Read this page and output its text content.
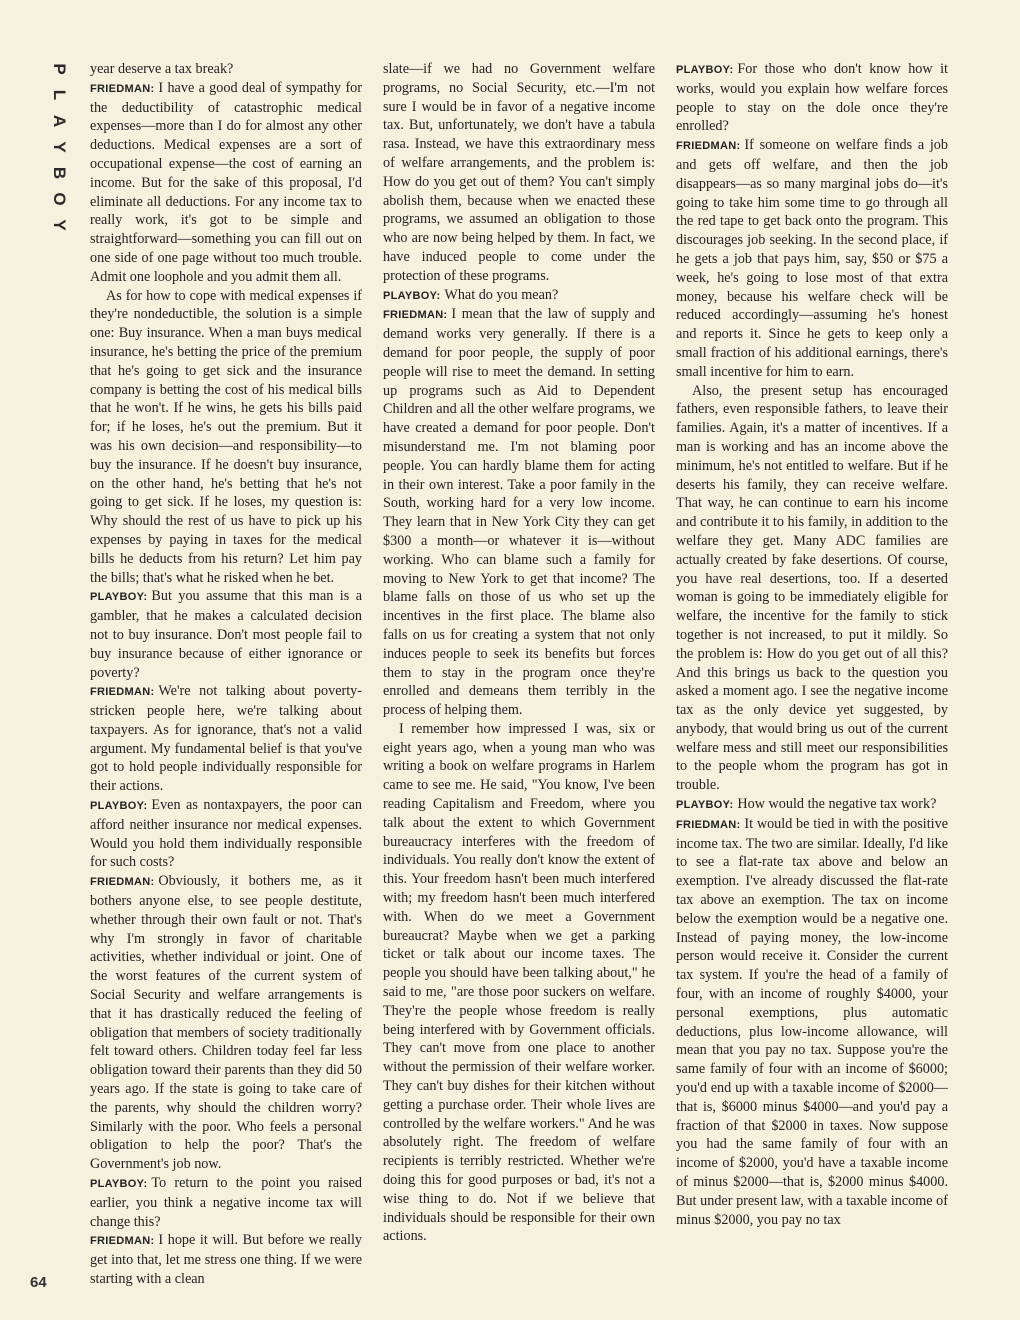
P
L
A
Y
B
O
Y

year deserve a tax break?

FRIEDMAN: I have a good deal of sympathy for the deductibility of catastrophic medical expenses—more than I do for almost any other deductions. Medical expenses are a sort of occupational expense—the cost of earning an income. But for the sake of this proposal, I'd eliminate all deductions. For any income tax to really work, it's got to be simple and straightforward—something you can fill out on one side of one page without too much trouble. Admit one loophole and you admit them all.

As for how to cope with medical expenses if they're nondeductible, the solution is a simple one: Buy insurance. When a man buys medical insurance, he's betting the price of the premium that he's going to get sick and the insurance company is betting the cost of his medical bills that he won't. If he wins, he gets his bills paid for; if he loses, he's out the premium. But it was his own decision—and responsibility—to buy the insurance. If he doesn't buy insurance, on the other hand, he's betting that he's not going to get sick. If he loses, my question is: Why should the rest of us have to pick up his expenses by paying in taxes for the medical bills he deducts from his return? Let him pay the bills; that's what he risked when he bet.

PLAYBOY: But you assume that this man is a gambler, that he makes a calculated decision not to buy insurance. Don't most people fail to buy insurance because of either ignorance or poverty?

FRIEDMAN: We're not talking about poverty-stricken people here, we're talking about taxpayers. As for ignorance, that's not a valid argument. My fundamental belief is that you've got to hold people individually responsible for their actions.

PLAYBOY: Even as nontaxpayers, the poor can afford neither insurance nor medical expenses. Would you hold them individually responsible for such costs?

FRIEDMAN: Obviously, it bothers me, as it bothers anyone else, to see people destitute, whether through their own fault or not. That's why I'm strongly in favor of charitable activities, whether individual or joint. One of the worst features of the current system of Social Security and welfare arrangements is that it has drastically reduced the feeling of obligation that members of society traditionally felt toward others. Children today feel far less obligation toward their parents than they did 50 years ago. If the state is going to take care of the parents, why should the children worry? Similarly with the poor. Who feels a personal obligation to help the poor? That's the Government's job now.

PLAYBOY: To return to the point you raised earlier, you think a negative income tax will change this?

FRIEDMAN: I hope it will. But before we really get into that, let me stress one thing. If we were starting with a clean

slate—if we had no Government welfare programs, no Social Security, etc.—I'm not sure I would be in favor of a negative income tax. But, unfortunately, we don't have a tabula rasa. Instead, we have this extraordinary mess of welfare arrangements, and the problem is: How do you get out of them? You can't simply abolish them, because when we enacted these programs, we assumed an obligation to those who are now being helped by them. In fact, we have induced people to come under the protection of these programs.

PLAYBOY: What do you mean?

FRIEDMAN: I mean that the law of supply and demand works very generally. If there is a demand for poor people, the supply of poor people will rise to meet the demand. In setting up programs such as Aid to Dependent Children and all the other welfare programs, we have created a demand for poor people. Don't misunderstand me. I'm not blaming poor people. You can hardly blame them for acting in their own interest. Take a poor family in the South, working hard for a very low income. They learn that in New York City they can get $300 a month—or whatever it is—without working. Who can blame such a family for moving to New York to get that income? The blame falls on those of us who set up the incentives in the first place. The blame also falls on us for creating a system that not only induces people to seek its benefits but forces them to stay in the program once they're enrolled and demeans them terribly in the process of helping them.

I remember how impressed I was, six or eight years ago, when a young man who was writing a book on welfare programs in Harlem came to see me. He said, "You know, I've been reading Capitalism and Freedom, where you talk about the extent to which Government bureaucracy interferes with the freedom of individuals. You really don't know the extent of this. Your freedom hasn't been much interfered with; my freedom hasn't been much interfered with. When do we meet a Government bureaucrat? Maybe when we get a parking ticket or talk about our income taxes. The people you should have been talking about," he said to me, "are those poor suckers on welfare. They're the people whose freedom is really being interfered with by Government officials. They can't move from one place to another without the permission of their welfare worker. They can't buy dishes for their kitchen without getting a purchase order. Their whole lives are controlled by the welfare workers." And he was absolutely right. The freedom of welfare recipients is terribly restricted. Whether we're doing this for good purposes or bad, it's not a wise thing to do. Not if we believe that individuals should be responsible for their own actions.

PLAYBOY: For those who don't know how it works, would you explain how welfare forces people to stay on the dole once they're enrolled?

FRIEDMAN: If someone on welfare finds a job and gets off welfare, and then the job disappears—as so many marginal jobs do—it's going to take him some time to go through all the red tape to get back onto the program. This discourages job seeking. In the second place, if he gets a job that pays him, say, $50 or $75 a week, he's going to lose most of that extra money, because his welfare check will be reduced accordingly—assuming he's honest and reports it. Since he gets to keep only a small fraction of his additional earnings, there's small incentive for him to earn.

Also, the present setup has encouraged fathers, even responsible fathers, to leave their families. Again, it's a matter of incentives. If a man is working and has an income above the minimum, he's not entitled to welfare. But if he deserts his family, they can receive welfare. That way, he can continue to earn his income and contribute it to his family, in addition to the welfare they get. Many ADC families are actually created by fake desertions. Of course, you have real desertions, too. If a deserted woman is going to be immediately eligible for welfare, the incentive for the family to stick together is not increased, to put it mildly. So the problem is: How do you get out of all this? And this brings us back to the question you asked a moment ago. I see the negative income tax as the only device yet suggested, by anybody, that would bring us out of the current welfare mess and still meet our responsibilities to the people whom the program has got in trouble.

PLAYBOY: How would the negative tax work?

FRIEDMAN: It would be tied in with the positive income tax. The two are similar. Ideally, I'd like to see a flat-rate tax above and below an exemption. I've already discussed the flat-rate tax above an exemption. The tax on income below the exemption would be a negative one. Instead of paying money, the low-income person would receive it. Consider the current tax system. If you're the head of a family of four, with an income of roughly $4000, your personal exemptions, plus automatic deductions, plus low-income allowance, will mean that you pay no tax. Suppose you're the same family of four with an income of $6000; you'd end up with a taxable income of $2000—that is, $6000 minus $4000—and you'd pay a fraction of that $2000 in taxes. Now suppose you had the same family of four with an income of $2000, you'd have a taxable income of minus $2000—that is, $2000 minus $4000. But under present law, with a taxable income of minus $2000, you pay no tax

64
